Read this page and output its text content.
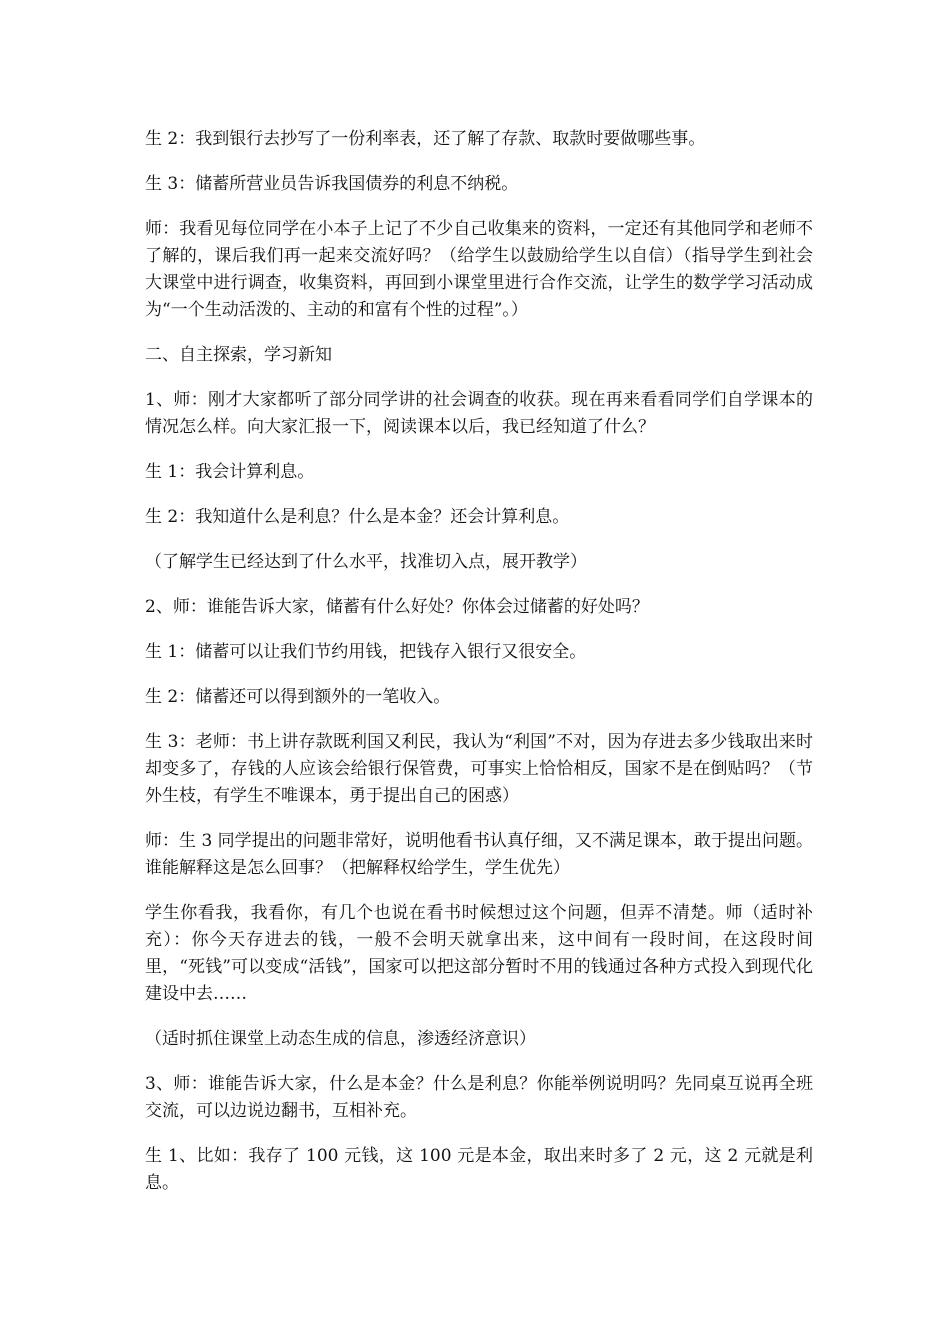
生 2：我到银行去抄写了一份利率表，还了解了存款、取款时要做哪些事。

生 3：储蓄所营业员告诉我国债券的利息不纳税。

师：我看见每位同学在小本子上记了不少自己收集来的资料，一定还有其他同学和老师不了解的，课后我们再一起来交流好吗？（给学生以鼓励给学生以自信）（指导学生到社会大课堂中进行调查，收集资料，再回到小课堂里进行合作交流，让学生的数学学习活动成为“一个生动活泼的、主动的和富有个性的过程”。）

二、自主探索，学习新知

1、师：刚才大家都听了部分同学讲的社会调查的收获。现在再来看看同学们自学课本的情况怎么样。向大家汇报一下，阅读课本以后，我已经知道了什么？

生 1：我会计算利息。

生 2：我知道什么是利息？什么是本金？还会计算利息。

（了解学生已经达到了什么水平，找准切入点，展开教学）

2、师：谁能告诉大家，储蓄有什么好处？你体会过储蓄的好处吗？

生 1：储蓄可以让我们节约用钱，把钱存入银行又很安全。

生 2：储蓄还可以得到额外的一笔收入。

生 3：老师：书上讲存款既利国又利民，我认为“利国”不对，因为存进去多少钱取出来时却变多了，存钱的人应该会给银行保管费，可事实上恰恰相反，国家不是在倒贴吗？（节外生枝，有学生不唯课本，勇于提出自己的困惑）

师：生 3 同学提出的问题非常好，说明他看书认真仔细，又不满足课本，敢于提出问题。谁能解释这是怎么回事？（把解释权给学生，学生优先）

学生你看我，我看你，有几个也说在看书时候想过这个问题，但弄不清楚。师（适时补充）：你今天存进去的钱，一般不会明天就拿出来，这中间有一段时间，在这段时间里，“死钱”可以变成“活钱”，国家可以把这部分暂时不用的钱通过各种方式投入到现代化建设中去……

（适时抓住课堂上动态生成的信息，渗透经济意识）

3、师：谁能告诉大家，什么是本金？什么是利息？你能举例说明吗？先同桌互说再全班交流，可以边说边翻书，互相补充。

生 1、比如：我存了 100 元钱，这 100 元是本金，取出来时多了 2 元，这 2 元就是利息。
